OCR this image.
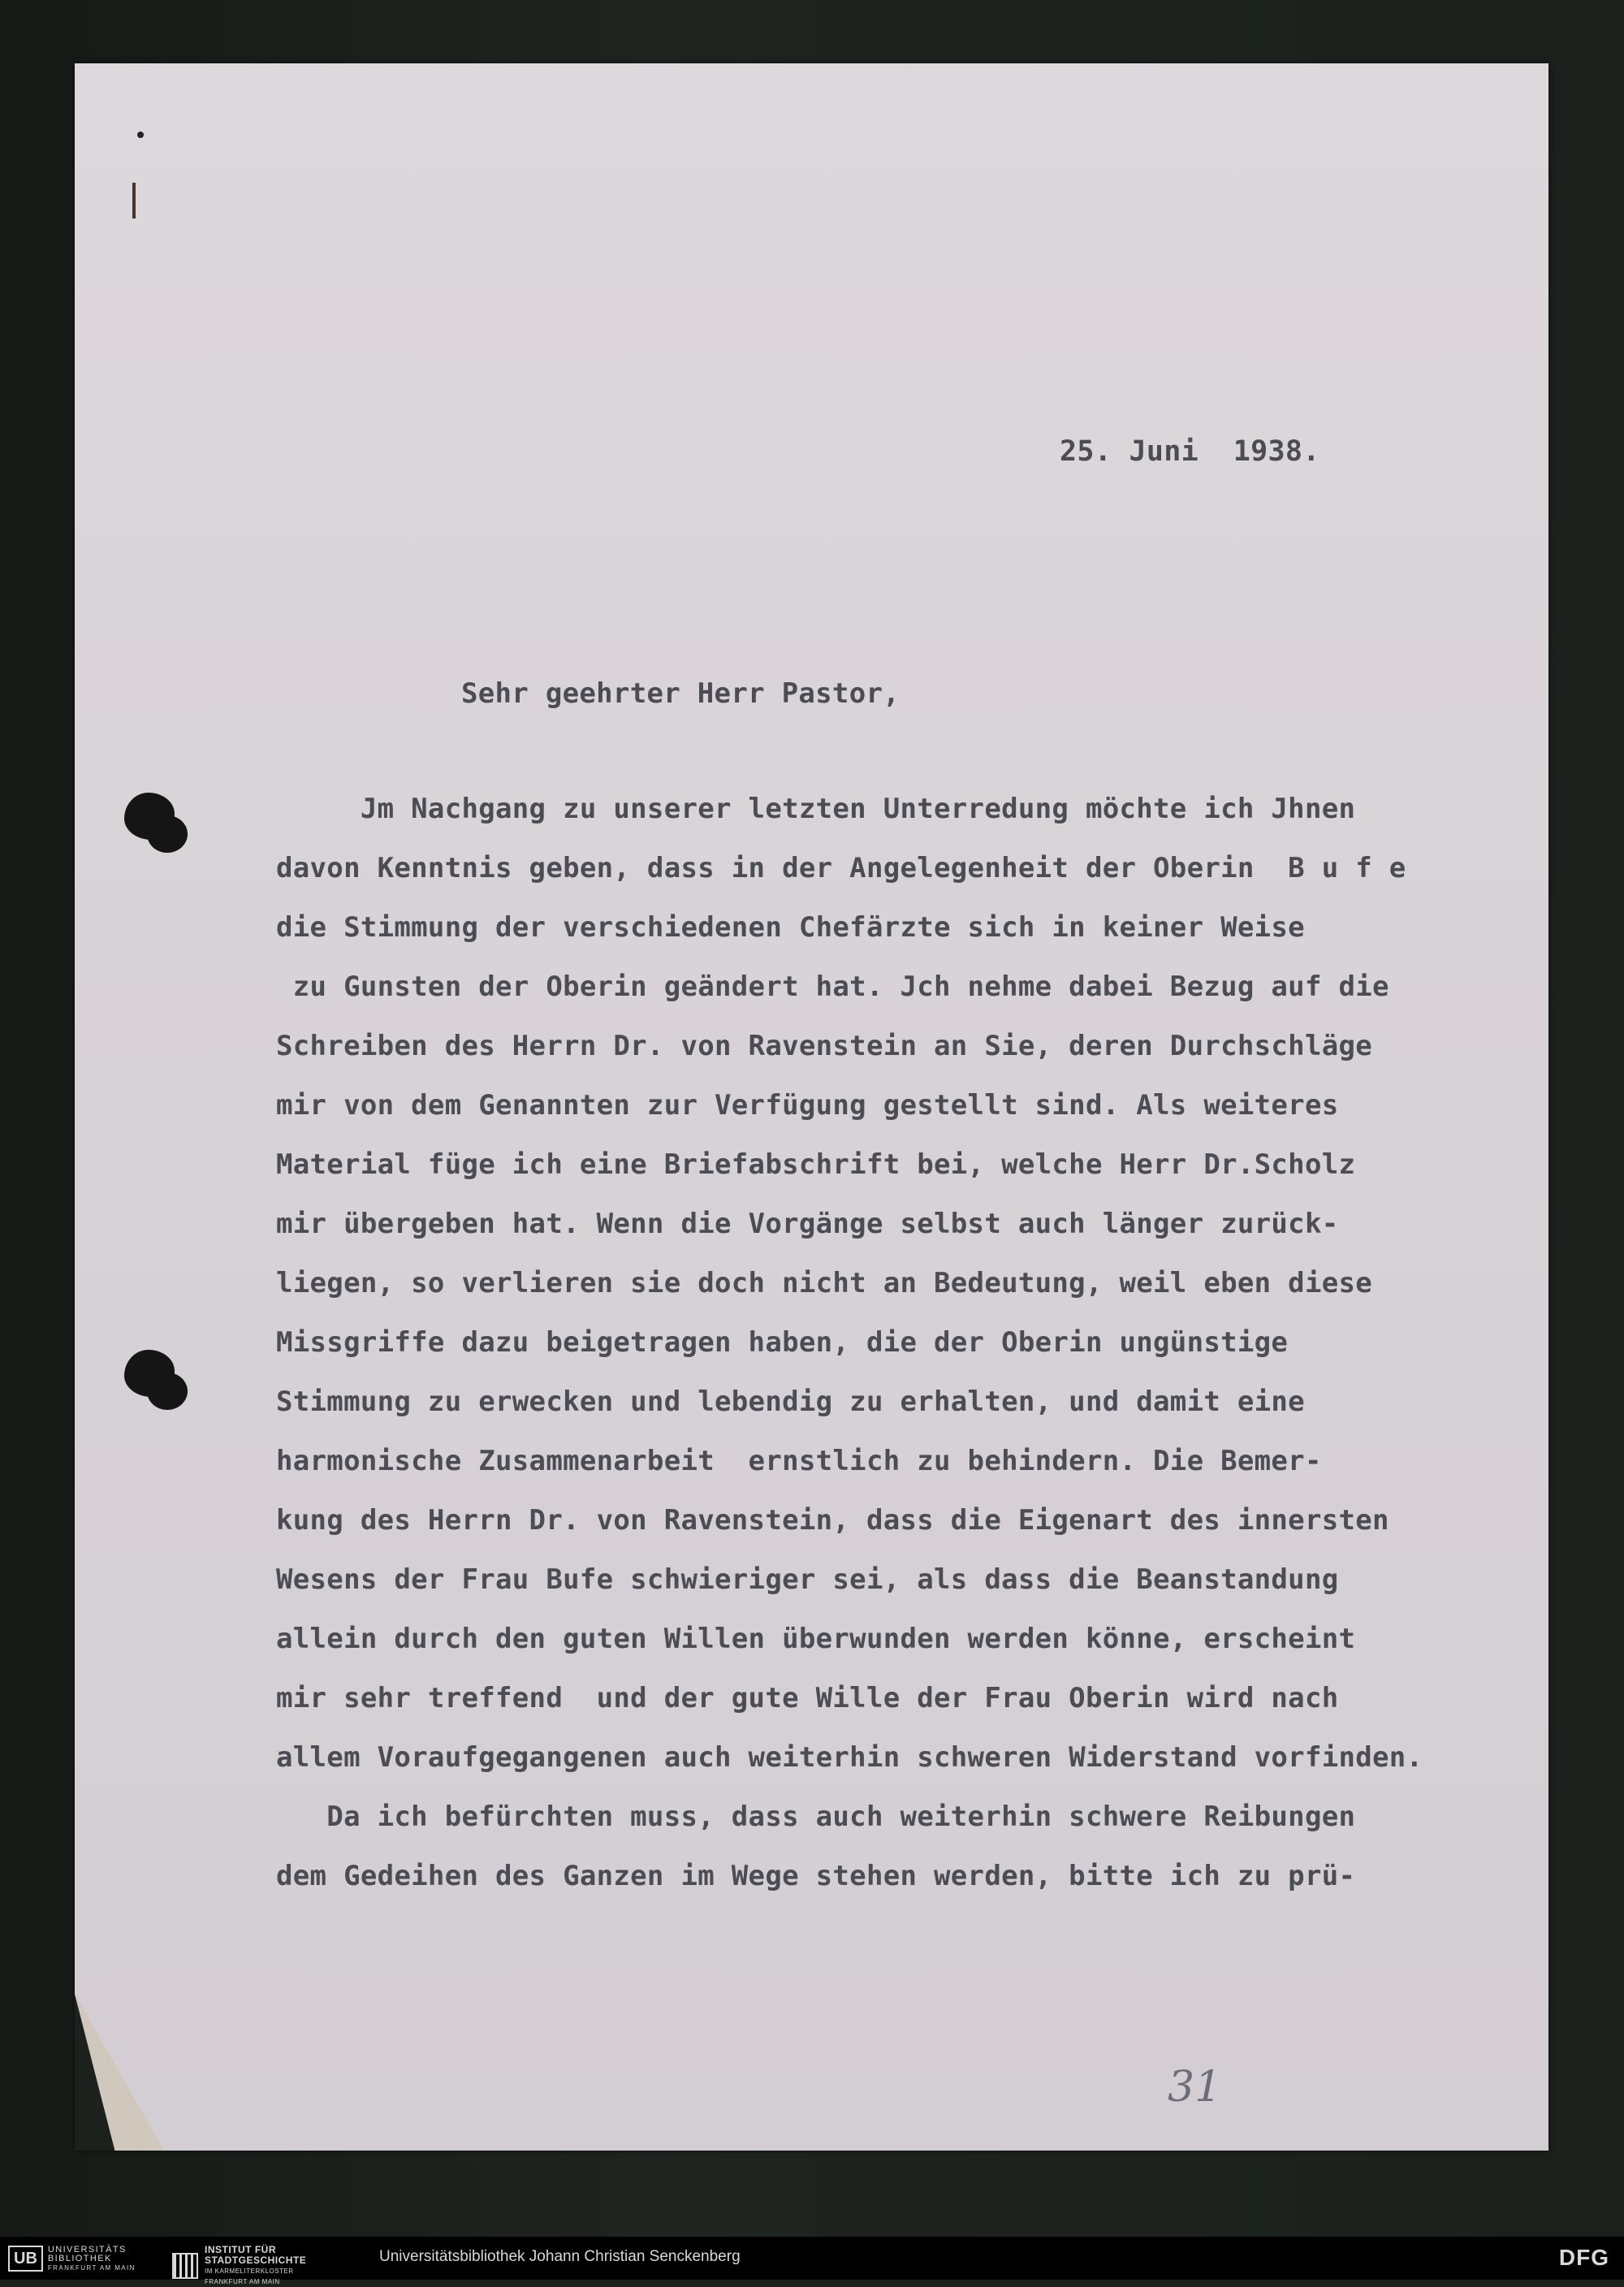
25. Juni  1938.
Sehr geehrter Herr Pastor,
Jm Nachgang zu unserer letzten Unterredung möchte ich Jhnen
davon Kenntnis geben, dass in der Angelegenheit der Oberin  B u f e
die Stimmung der verschiedenen Chefärzte sich in keiner Weise
zu Gunsten der Oberin geändert hat. Jch nehme dabei Bezug auf die
Schreiben des Herrn Dr. von Ravenstein an Sie, deren Durchschläge
mir von dem Genannten zur Verfügung gestellt sind. Als weiteres
Material füge ich eine Briefabschrift bei, welche Herr Dr.Scholz
mir übergeben hat. Wenn die Vorgänge selbst auch länger zurück-
liegen, so verlieren sie doch nicht an Bedeutung, weil eben diese
Missgriffe dazu beigetragen haben, die der Oberin ungünstige
Stimmung zu erwecken und lebendig zu erhalten, und damit eine
harmonische Zusammenarbeit  ernstlich zu behindern. Die Bemer-
kung des Herrn Dr. von Ravenstein, dass die Eigenart des innersten
Wesens der Frau Bufe schwieriger sei, als dass die Beanstandung
allein durch den guten Willen überwunden werden könne, erscheint
mir sehr treffend  und der gute Wille der Frau Oberin wird nach
allem Voraufgegangenen auch weiterhin schweren Widerstand vorfinden.
Da ich befürchten muss, dass auch weiterhin schwere Reibungen
dem Gedeihen des Ganzen im Wege stehen werden, bitte ich zu prü-
31
UB
UNIVERSITÄTS
BIBLIOTHEK
FRANKFURT AM MAIN
INSTITUT FÜR
STADTGESCHICHTE
IM KARMELITERKLOSTER
FRANKFURT AM MAIN
Universitätsbibliothek Johann Christian Senckenberg	DFG
